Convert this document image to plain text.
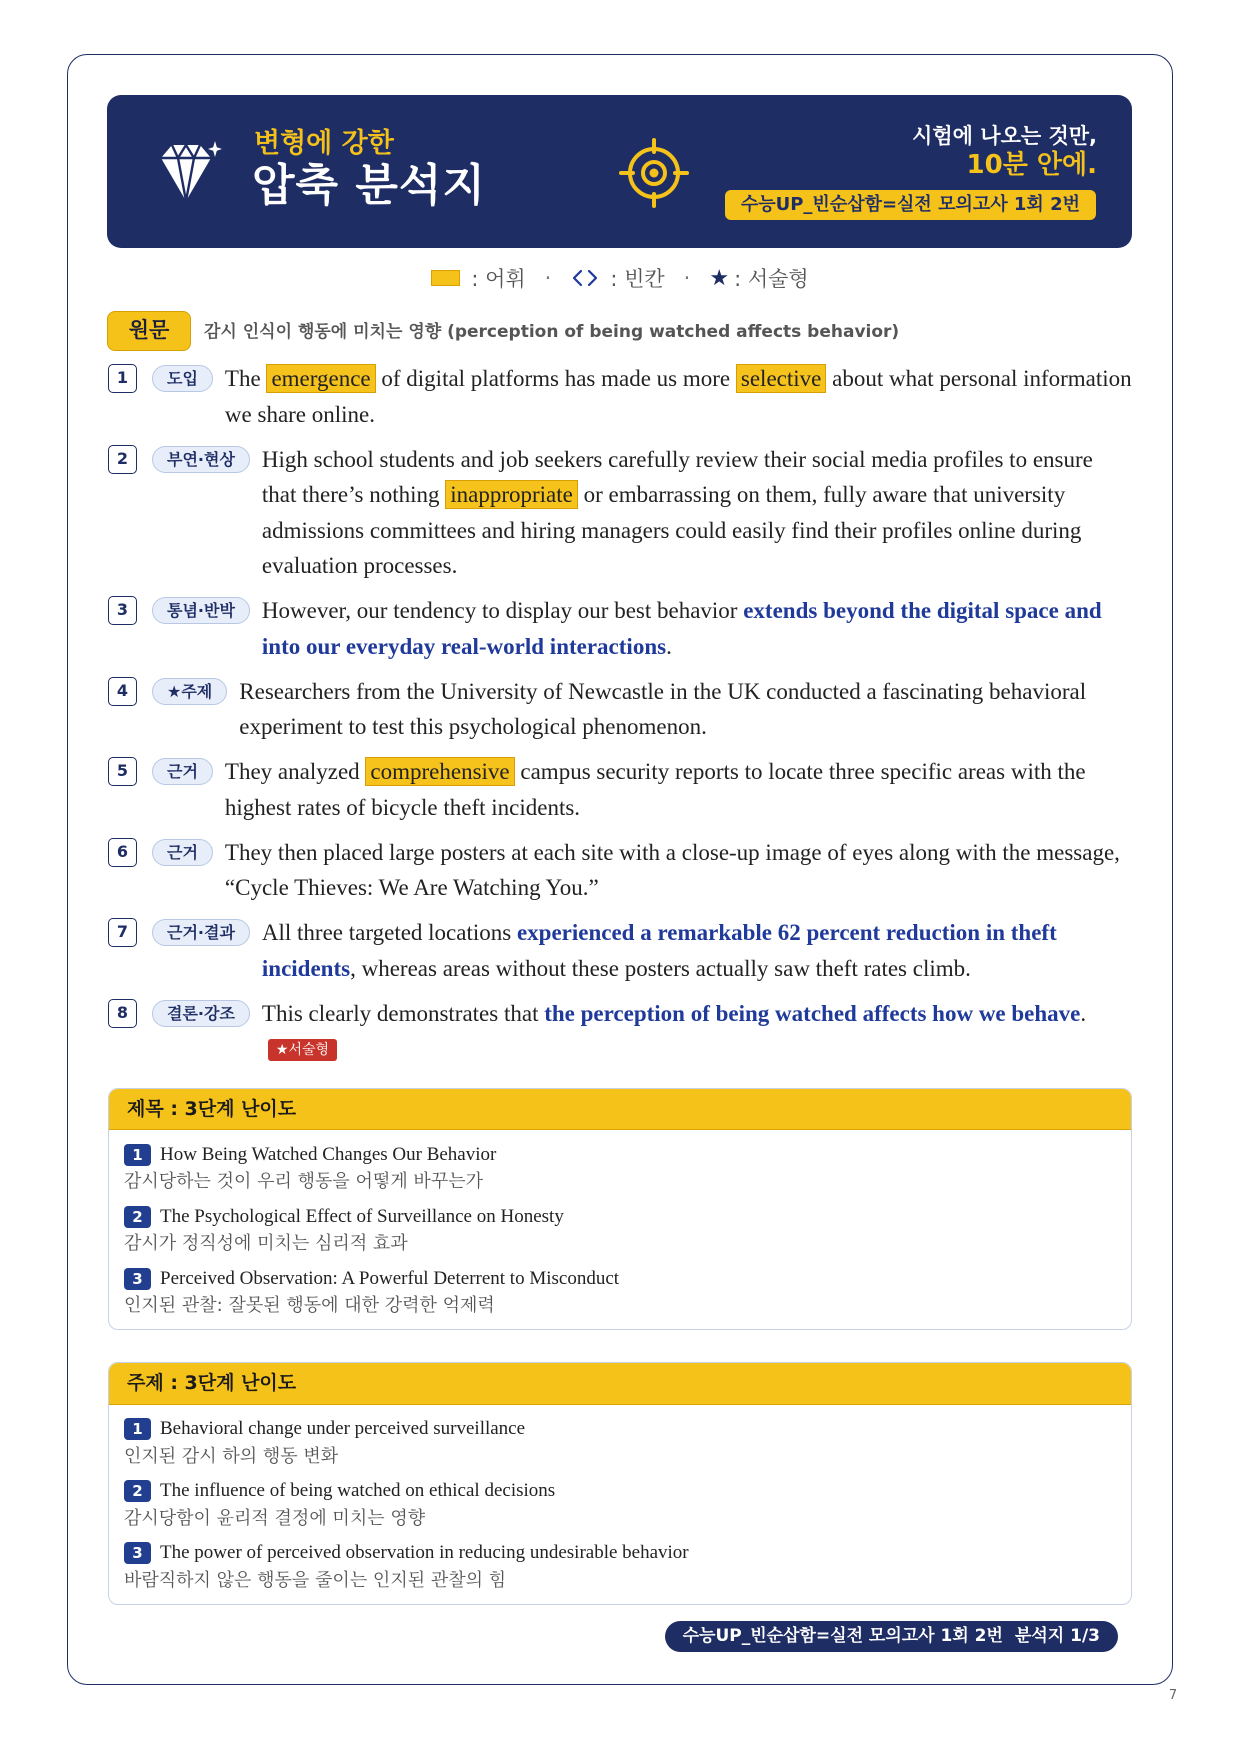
변형에 강한
압축 분석지
시험에 나오는 것만,
10분 안에.
수능UP_빈순삽함=실전 모의고사 1회 2번
: 어휘 ·	: 빈칸 · ★ : 서술형
원문	감시 인식이 행동에 미치는 영향 (perception of being watched affects behavior)
1	도입	The emergence of digital platforms has made us more selective about what personal information we share online.

2	부연·현상	High school students and job seekers carefully review their social media profiles to ensure that there’s nothing inappropriate or embarrassing on them, fully aware that university admissions committees and hiring managers could easily find their profiles online during evaluation processes.

3	통념·반박	However, our tendency to display our best behavior extends beyond the digital space and into our everyday real-world interactions.

4	★주제	Researchers from the University of Newcastle in the UK conducted a fascinating behavioral experiment to test this psychological phenomenon.

5	근거	They analyzed comprehensive campus security reports to locate three specific areas with the highest rates of bicycle theft incidents.

6	근거	They then placed large posters at each site with a close-up image of eyes along with the message, “Cycle Thieves: We Are Watching You.”

7	근거·결과	All three targeted locations experienced a remarkable 62 percent reduction in theft incidents, whereas areas without these posters actually saw theft rates climb.

8	결론·강조	This clearly demonstrates that the perception of being watched affects how we behave.★서술형

제목 : 3단계 난이도
1 How Being Watched Changes Our Behavior
감시당하는 것이 우리 행동을 어떻게 바꾸는가
2 The Psychological Effect of Surveillance on Honesty
감시가 정직성에 미치는 심리적 효과
3 Perceived Observation: A Powerful Deterrent to Misconduct
인지된 관찰: 잘못된 행동에 대한 강력한 억제력
주제 : 3단계 난이도
1 Behavioral change under perceived surveillance
인지된 감시 하의 행동 변화
2 The influence of being watched on ethical decisions
감시당함이 윤리적 결정에 미치는 영향
3 The power of perceived observation in reducing undesirable behavior
바람직하지 않은 행동을 줄이는 인지된 관찰의 힘
수능UP_빈순삽함=실전 모의고사 1회 2번 분석지 1/3
7
